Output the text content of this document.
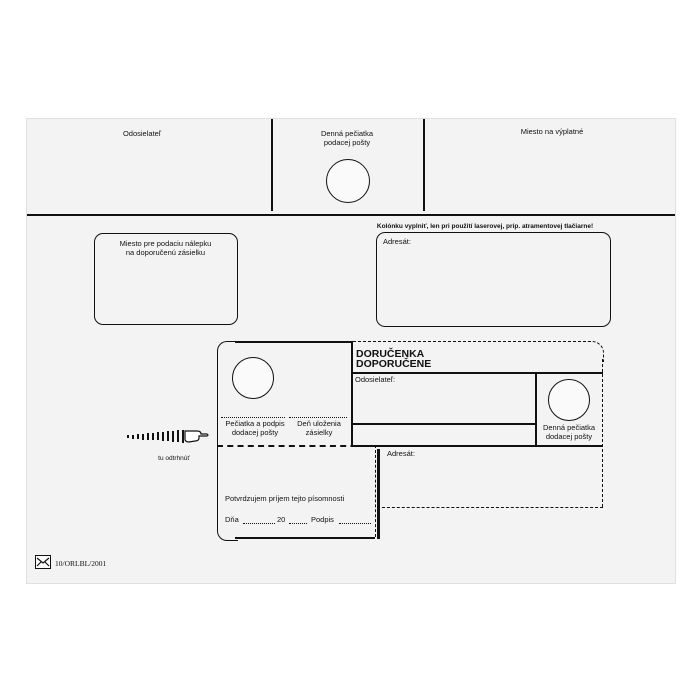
Odosielateľ	Denná pečiatka
podacej pošty
Miesto na výplatné
Miesto pre podaciu nálepku
na doporučenú zásielku
Kolónku vyplniť, len pri použití laserovej, príp. atramentovej tlačiarne!
Adresát:
tu odtrhnúť
DORUČENKA
DOPORUČENE
Odosielateľ:
Pečiatka a podpis
dodacej pošty
Deň uloženia
zásielky
Denná pečiatka
dodacej pošty
Adresát:
Potvrdzujem príjem tejto písomnosti
Dňa	20	Podpis
10/ORLBL/2001
